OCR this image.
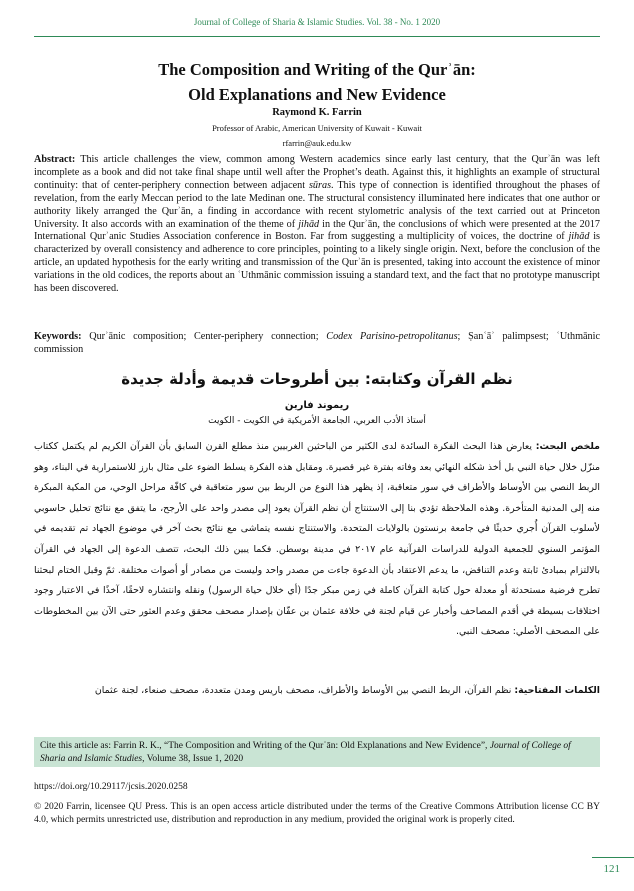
Journal of College of Sharia & Islamic Studies. Vol. 38 - No. 1 2020
The Composition and Writing of the Qurʾān:
Old Explanations and New Evidence
Raymond K. Farrin
Professor of Arabic, American University of Kuwait - Kuwait
rfarrin@auk.edu.kw

Abstract: This article challenges the view, common among Western academics since early last century, that the Qurʾān was left incomplete as a book and did not take final shape until well after the Prophet’s death. Against this, it highlights an example of structural continuity: that of center-periphery connection between adjacent sūras. This type of connection is identified throughout the phases of revelation, from the early Meccan period to the late Medinan one. The structural consistency illuminated here indicates that one author or authority likely arranged the Qurʾān, a finding in accordance with recent stylometric analysis of the text carried out at Princeton University. It also accords with an examination of the theme of jihād in the Qurʾān, the conclusions of which were presented at the 2017 International Qurʾanic Studies Association conference in Boston. Far from suggesting a multiplicity of voices, the doctrine of jihād is characterized by overall consistency and adherence to core principles, pointing to a likely single origin. Next, before the conclusion of the article, an updated hypothesis for the early writing and transmission of the Qurʾān is presented, taking into account the existence of minor variations in the old codices, the reports about an ʿUthmānic commission issuing a standard text, and the fact that no prototype manuscript has been discovered.

Keywords: Qurʾānic composition; Center-periphery connection; Codex Parisino-petropolitanus; Ṣanʿāʾ palimpsest; ʿUthmānic commission

نظم القرآن وكتابته: بين أطروحات قديمة وأدلة جديدة
ريموند فارين
أستاذ الأدب العربي، الجامعة الأمريكية في الكويت - الكويت

ملخص البحث: يعارض هذا البحث الفكرة السائدة لدى الكثير من الباحثين الغربيين منذ مطلع القرن السابق بأن القرآن الكريم لم يكتمل ككتاب منزّل خلال حياة النبي بل أخذ شكله النهائي بعد وفاته بفترة غير قصيرة. ومقابل هذه الفكرة يسلط الضوء على مثال بارز للاستمرارية في البناء، وهو الربط النصي بين الأوساط والأطراف في سور متعاقبة، إذ يظهر هذا النوع من الربط بين سور متعاقبة في كافّة مراحل الوحي، من المكية المبكرة منه إلى المدنية المتأخرة. وهذه الملاحظة تؤدي بنا إلى الاستنتاج أن نظم القرآن يعود إلى مصدر واحد على الأرجح، ما يتفق مع نتائج تحليل حاسوبي لأسلوب القرآن أُجري حديثًا في جامعة برنستون بالولايات المتحدة. والاستنتاج نفسه يتماشى مع نتائج بحث آخر في موضوع الجهاد تم تقديمه في المؤتمر السنوي للجمعية الدولية للدراسات القرآنية عام ٢٠١٧ في مدينة بوسطن. فكما يبين ذلك البحث، تتصف الدعوة إلى الجهاد في القرآن بالالتزام بمبادئ ثابتة وعدم التناقض، ما يدعم الاعتقاد بأن الدعوة جاءت من مصدر واحد وليست من مصادر أو أصوات مختلفة. ثمّ وقبل الختام لبحثنا تطرح فرضية مستحدثة أو معدلة حول كتابة القرآن كاملة في زمن مبكر جدًا (أي خلال حياة الرسول) ونقله وانتشاره لاحقًا، آخذًا في الاعتبار وجود اختلافات بسيطة في أقدم المصاحف وأخبار عن قيام لجنة في خلافة عثمان بن عفّان بإصدار مصحف محقق وعدم العثور حتى الآن بين المخطوطات على المصحف الأصلي: مصحف النبي.

الكلمات المفتاحية: نظم القرآن، الربط النصي بين الأوساط والأطراف، مصحف باريس ومدن متعددة، مصحف صنعاء، لجنة عثمان

Cite this article as: Farrin R. K., “The Composition and Writing of the Qurʾān: Old Explanations and New Evidence”, Journal of College of Sharia and Islamic Studies, Volume 38, Issue 1, 2020
https://doi.org/10.29117/jcsis.2020.0258

© 2020 Farrin, licensee QU Press. This is an open access article distributed under the terms of the Creative Commons Attribution license CC BY 4.0, which permits unrestricted use, distribution and reproduction in any medium, provided the original work is properly cited.

121
